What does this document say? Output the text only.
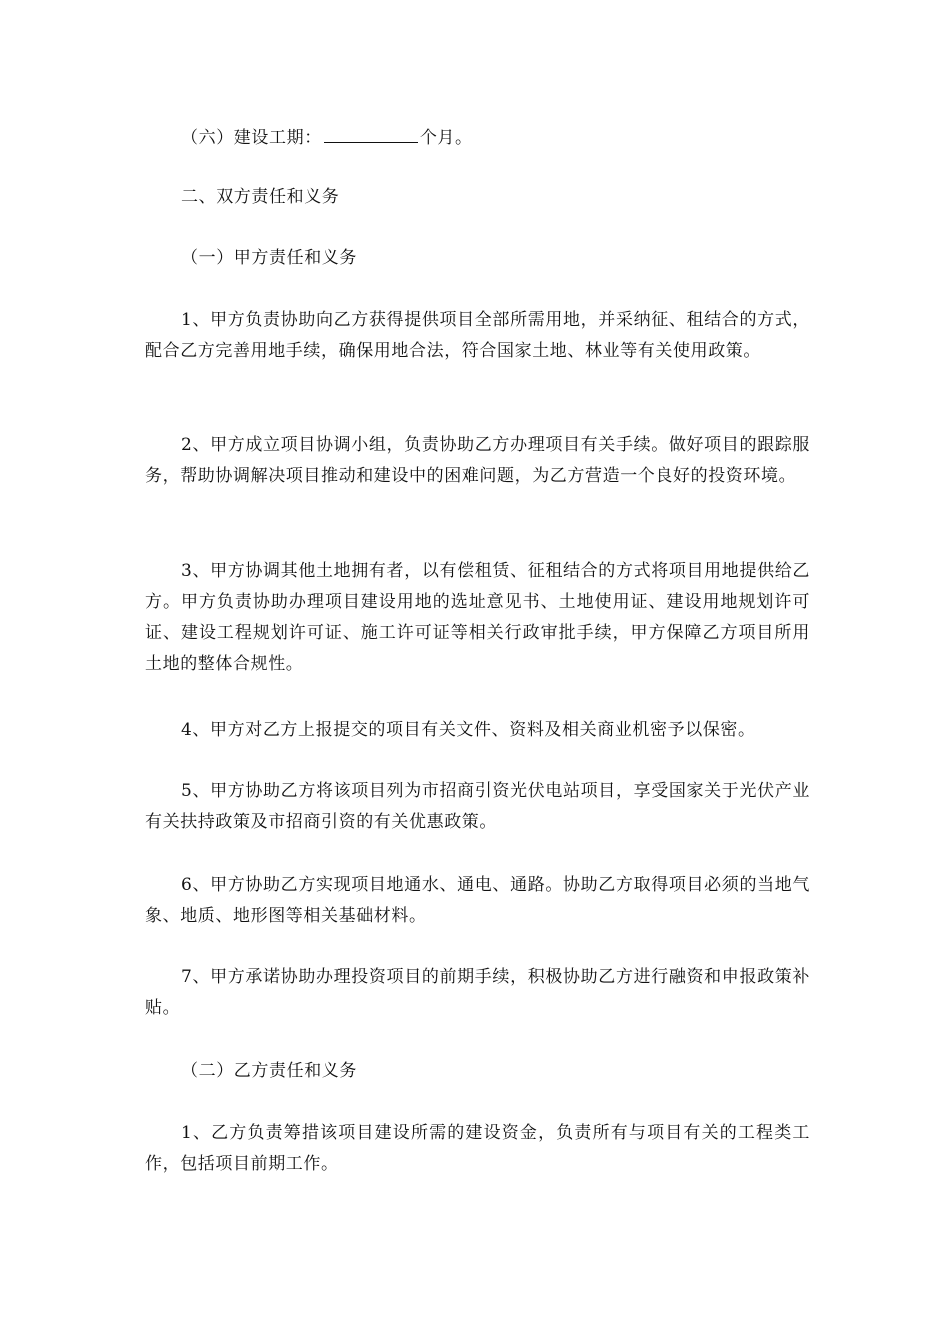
（六）建设工期：	个月。

二、双方责任和义务

（一）甲方责任和义务

1、甲方负责协助向乙方获得提供项目全部所需用地，并采纳征、租结合的方式，配合乙方完善用地手续，确保用地合法，符合国家土地、林业等有关使用政策。

2、甲方成立项目协调小组，负责协助乙方办理项目有关手续。做好项目的跟踪服务，帮助协调解决项目推动和建设中的困难问题，为乙方营造一个良好的投资环境。

3、甲方协调其他土地拥有者，以有偿租赁、征租结合的方式将项目用地提供给乙方。甲方负责协助办理项目建设用地的选址意见书、土地使用证、建设用地规划许可证、建设工程规划许可证、施工许可证等相关行政审批手续，甲方保障乙方项目所用土地的整体合规性。

4、甲方对乙方上报提交的项目有关文件、资料及相关商业机密予以保密。

5、甲方协助乙方将该项目列为市招商引资光伏电站项目，享受国家关于光伏产业有关扶持政策及市招商引资的有关优惠政策。

6、甲方协助乙方实现项目地通水、通电、通路。协助乙方取得项目必须的当地气象、地质、地形图等相关基础材料。

7、甲方承诺协助办理投资项目的前期手续，积极协助乙方进行融资和申报政策补贴。

（二）乙方责任和义务

1、乙方负责筹措该项目建设所需的建设资金，负责所有与项目有关的工程类工作，包括项目前期工作。
